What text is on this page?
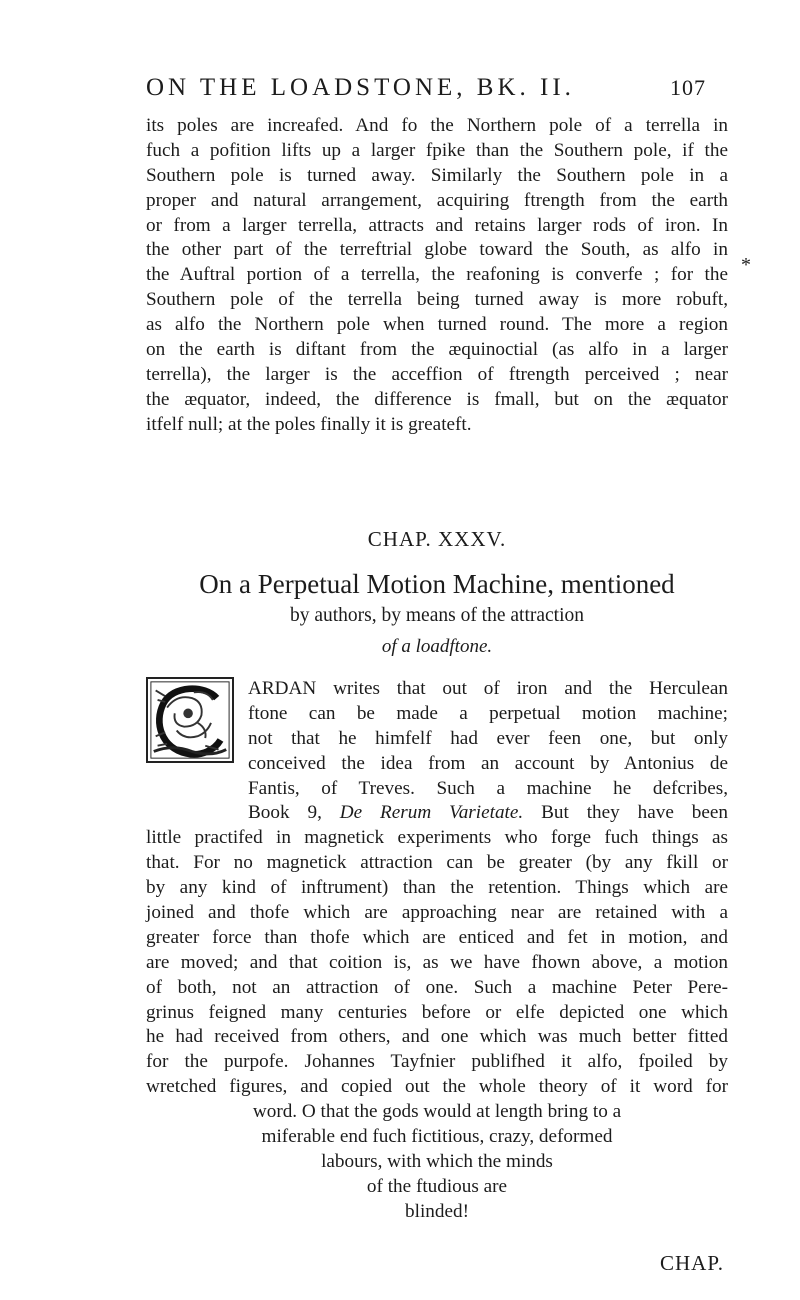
ON THE LOADSTONE, BK. II.	107
its poles are increafed. And fo the Northern pole of a terrella in
fuch a pofition lifts up a larger fpike than the Southern pole, if the
Southern pole is turned away. Similarly the Southern pole in a
proper and natural arrangement, acquiring ftrength from the earth
or from a larger terrella, attracts and retains larger rods of iron. In
the other part of the terreftrial globe toward the South, as alfo in
the Auftral portion of a terrella, the reafoning is converfe ; for the
Southern pole of the terrella being turned away is more robuft,
as alfo the Northern pole when turned round. The more a region
on the earth is diftant from the æquinoctial (as alfo in a larger
terrella), the larger is the acceffion of ftrength perceived ; near
the æquator, indeed, the difference is fmall, but on the æquator
itfelf null; at the poles finally it is greateft.
*
CHAP. XXXV.
On a Perpetual Motion Machine, mentioned
by authors, by means of the attraction
of a loadftone.
ARDAN writes that out of iron and the Herculean
ftone can be made a perpetual motion machine;
not that he himfelf had ever feen one, but only
conceived the idea from an account by Antonius de
Fantis, of Treves. Such a machine he defcribes,
Book 9, De Rerum Varietate. But they have been
little practifed in magnetick experiments who forge fuch things as
that. For no magnetick attraction can be greater (by any fkill or
by any kind of inftrument) than the retention. Things which are
joined and thofe which are approaching near are retained with a
greater force than thofe which are enticed and fet in motion, and
are moved; and that coition is, as we have fhown above, a motion
of both, not an attraction of one. Such a machine Peter Pere-
grinus feigned many centuries before or elfe depicted one which
he had received from others, and one which was much better fitted
for the purpofe. Johannes Tayfnier publifhed it alfo, fpoiled by
wretched figures, and copied out the whole theory of it word for
word. O that the gods would at length bring to a
miferable end fuch fictitious, crazy, deformed
labours, with which the minds
of the ftudious are
blinded!
CHAP.
